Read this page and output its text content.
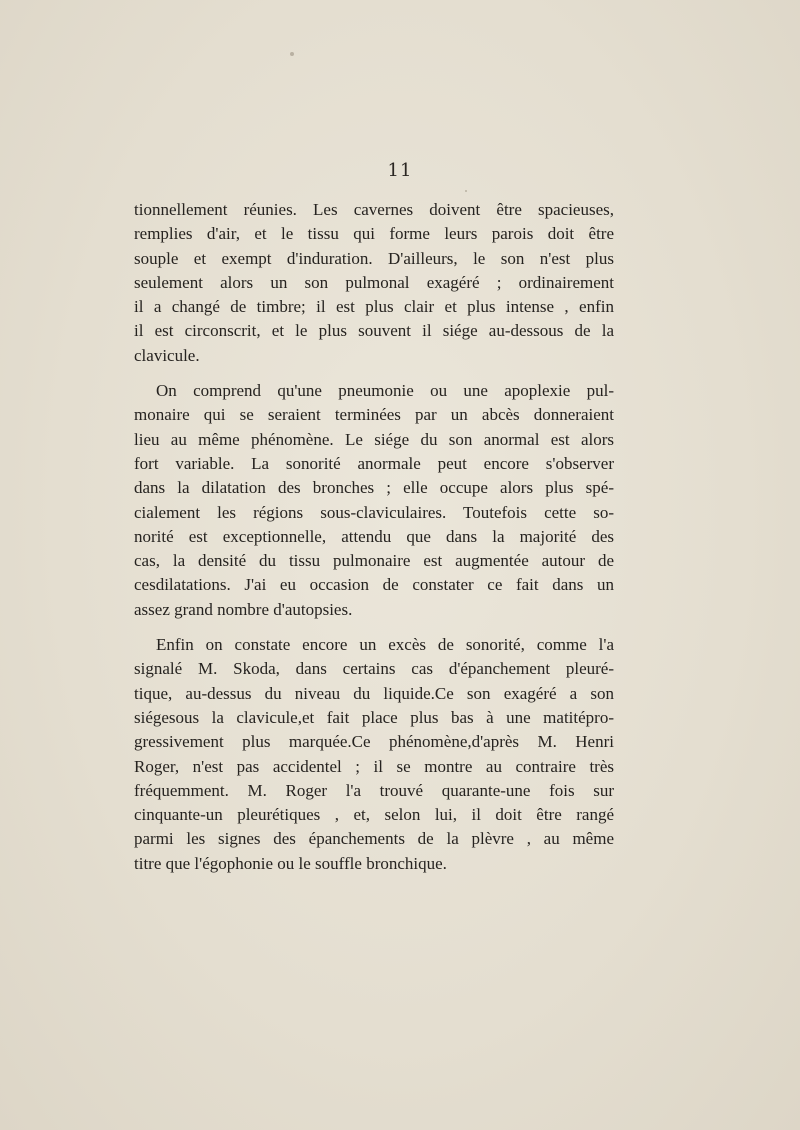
11

tionnellement réunies. Les cavernes doivent être spacieuses,
remplies d'air, et le tissu qui forme leurs parois doit être
souple et exempt d'induration. D'ailleurs, le son n'est plus
seulement alors un son pulmonal exagéré ; ordinairement
il a changé de timbre; il est plus clair et plus intense , enfin
il est circonscrit, et le plus souvent il siége au-dessous de la
clavicule.

On comprend qu'une pneumonie ou une apoplexie pul-
monaire qui se seraient terminées par un abcès donneraient
lieu au même phénomène. Le siége du son anormal est alors
fort variable. La sonorité anormale peut encore s'observer
dans la dilatation des bronches ; elle occupe alors plus spé-
cialement les régions sous-claviculaires. Toutefois cette so-
norité est exceptionnelle, attendu que dans la majorité des
cas, la densité du tissu pulmonaire est augmentée autour de
cesdilatations. J'ai eu occasion de constater ce fait dans un
assez grand nombre d'autopsies.

Enfin on constate encore un excès de sonorité, comme l'a
signalé M. Skoda, dans certains cas d'épanchement pleuré-
tique, au-dessus du niveau du liquide.Ce son exagéré a son
siégesous la clavicule,et fait place plus bas à une matitépro-
gressivement plus marquée.Ce phénomène,d'après M. Henri
Roger, n'est pas accidentel ; il se montre au contraire très
fréquemment. M. Roger l'a trouvé quarante-une fois sur
cinquante-un pleurétiques , et, selon lui, il doit être rangé
parmi les signes des épanchements de la plèvre , au même
titre que l'égophonie ou le souffle bronchique.
